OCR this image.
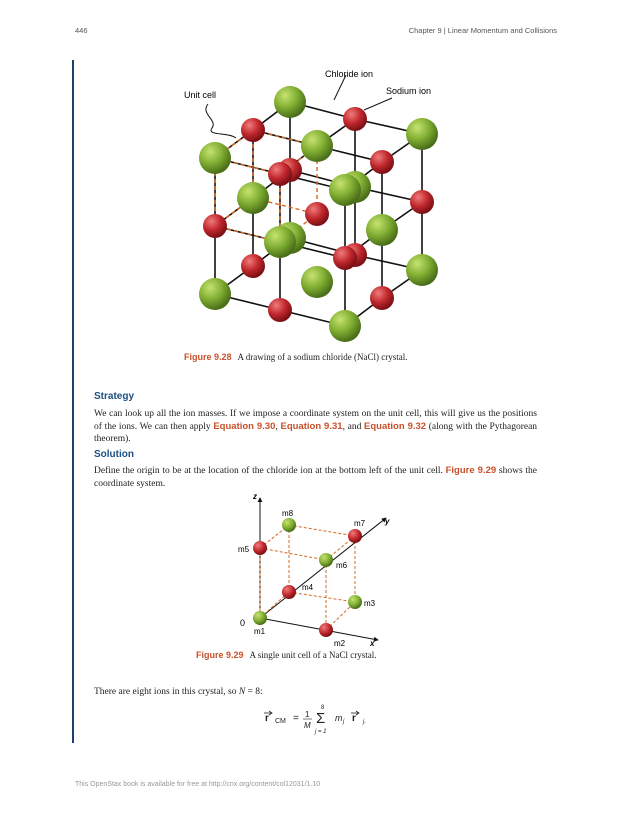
446	Chapter 9 | Linear Momentum and Collisions
Unit cell
Chloride ion
Sodium ion
Figure 9.28 A drawing of a sodium chloride (NaCl) crystal.
Strategy
We can look up all the ion masses. If we impose a coordinate system on the unit cell, this will give us the positions of the ions. We can then apply Equation 9.30, Equation 9.31, and Equation 9.32 (along with the Pythagorean theorem).
Solution
Define the origin to be at the location of the chloride ion at the bottom left of the unit cell. Figure 9.29 shows the coordinate system.
z
y
x
0
m1
m2
m3
m4
m5
m6
m7
m8
Figure 9.29 A single unit cell of a NaCl crystal.
There are eight ions in this crystal, so N = 8:
r CM = 1
M
8
Σ
j = 1
m j r j.
This OpenStax book is available for free at http://cnx.org/content/col12031/1.10
